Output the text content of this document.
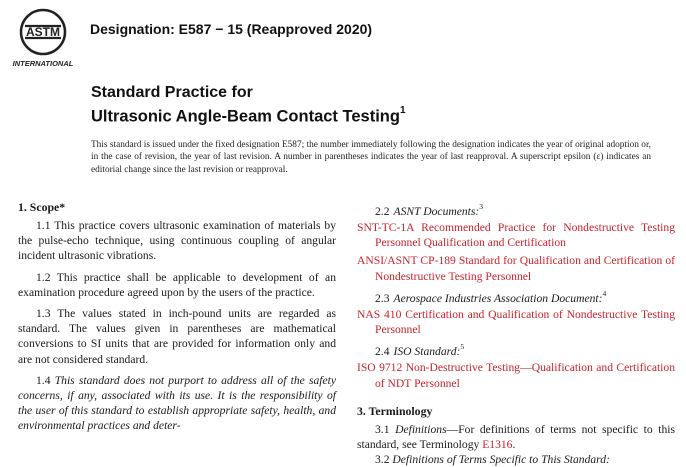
ASTM
INTERNATIONAL
Designation: E587 − 15 (Reapproved 2020)
Standard Practice for
Ultrasonic Angle-Beam Contact Testing$^1$
This standard is issued under the fixed designation E587; the number immediately following the designation indicates the year of original adoption or, in the case of revision, the year of last revision. A number in parentheses indicates the year of last reapproval. A superscript epsilon (ε) indicates an editorial change since the last revision or reapproval.
1. Scope*

1.1 This practice covers ultrasonic examination of materials by the pulse-echo technique, using continuous coupling of angular incident ultrasonic vibrations.

1.2 This practice shall be applicable to development of an examination procedure agreed upon by the users of the practice.

1.3 The values stated in inch-pound units are regarded as standard. The values given in parentheses are mathematical conversions to SI units that are provided for information only and are not considered standard.

1.4 This standard does not purport to address all of the safety concerns, if any, associated with its use. It is the responsibility of the user of this standard to establish appropriate safety, health, and environmental practices and deter-

2.2 ASNT Documents:$^3$

SNT-TC-1A Recommended Practice for Nondestructive Testing Personnel Qualification and Certification

ANSI/ASNT CP-189 Standard for Qualification and Certification of Nondestructive Testing Personnel

2.3 Aerospace Industries Association Document:$^4$

NAS 410 Certification and Qualification of Nondestructive Testing Personnel

2.4 ISO Standard:$^5$

ISO 9712 Non-Destructive Testing—Qualification and Certification of NDT Personnel

3. Terminology

3.1 Definitions—For definitions of terms not specific to this standard, see Terminology E1316.

3.2 Definitions of Terms Specific to This Standard:
